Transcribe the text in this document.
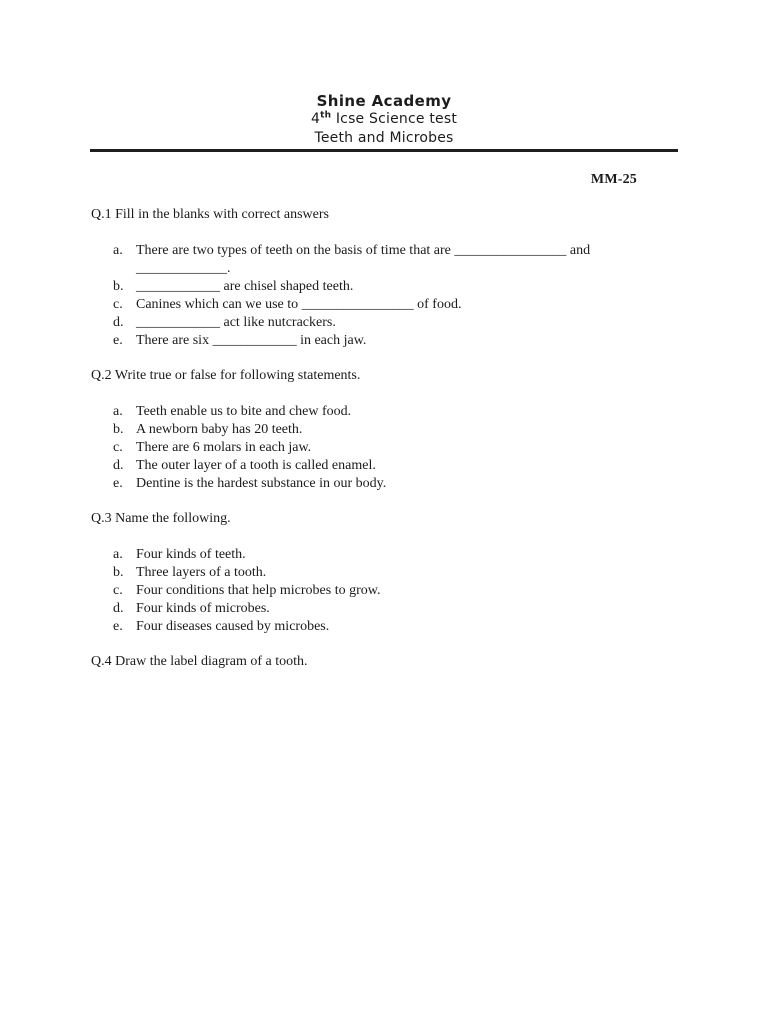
Shine Academy
4th Icse Science test
Teeth and Microbes
MM-25
Q.1 Fill in the blanks with correct answers
a. There are two types of teeth on the basis of time that are ________________ and _____________.
b. ____________ are chisel shaped teeth.
c. Canines which can we use to ________________ of food.
d. ____________ act like nutcrackers.
e. There are six ____________ in each jaw.
Q.2 Write true or false for following statements.
a. Teeth enable us to bite and chew food.
b. A newborn baby has 20 teeth.
c. There are 6 molars in each jaw.
d. The outer layer of a tooth is called enamel.
e. Dentine is the hardest substance in our body.
Q.3 Name the following.
a. Four kinds of teeth.
b. Three layers of a tooth.
c. Four conditions that help microbes to grow.
d. Four kinds of microbes.
e. Four diseases caused by microbes.
Q.4 Draw the label diagram of a tooth.
